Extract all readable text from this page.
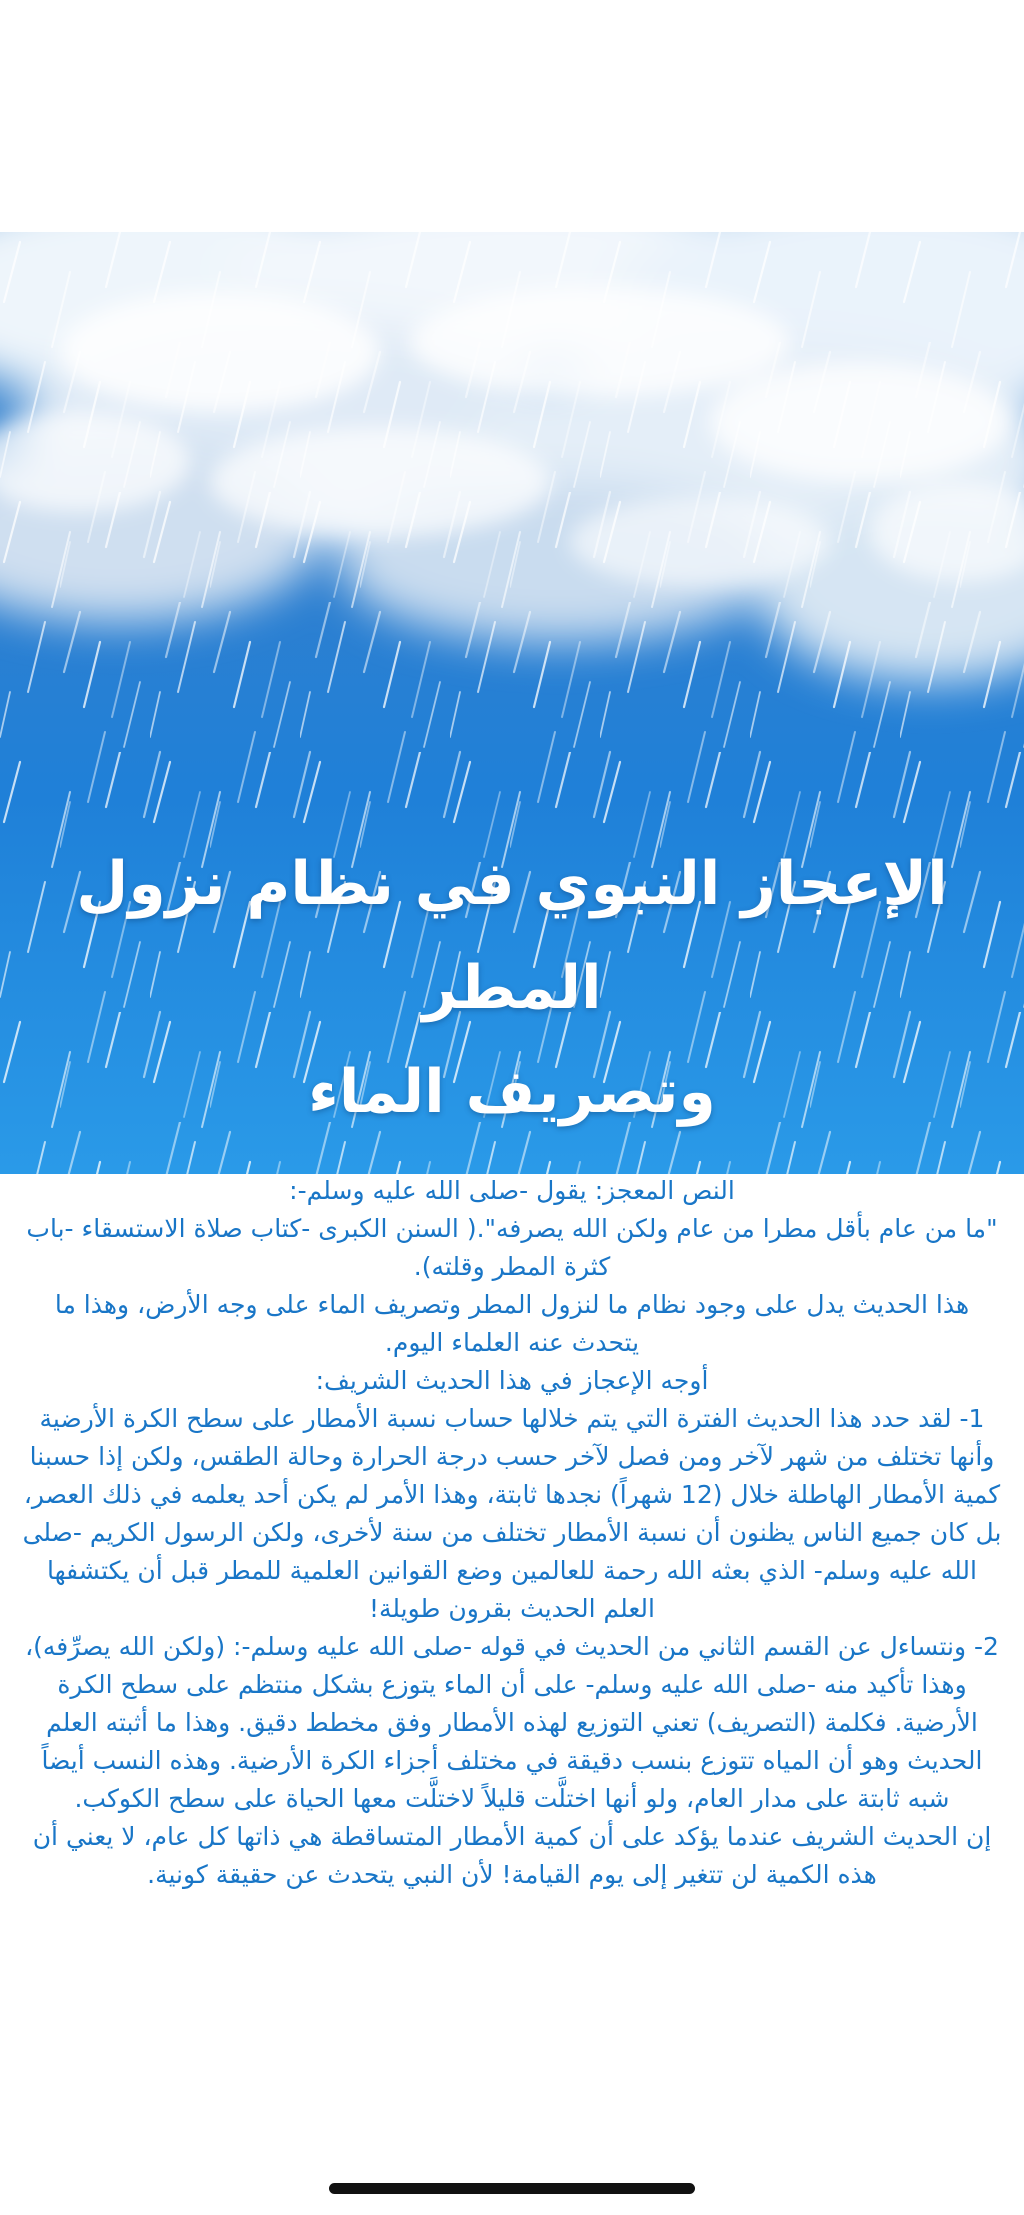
الإعجاز النبوي في نظام نزول المطر
وتصريف الماء

النص المعجز: يقول -صلى الله عليه وسلم-:

"ما من عام بأقل مطرا من عام ولكن الله يصرفه".( السنن الكبرى -كتاب صلاة الاستسقاء -باب كثرة المطر وقلته).

هذا الحديث يدل على وجود نظام ما لنزول المطر وتصريف الماء على وجه الأرض، وهذا ما يتحدث عنه العلماء اليوم.

أوجه الإعجاز في هذا الحديث الشريف:

1- لقد حدد هذا الحديث الفترة التي يتم خلالها حساب نسبة الأمطار على سطح الكرة الأرضية وأنها تختلف من شهر لآخر ومن فصل لآخر حسب درجة الحرارة وحالة الطقس، ولكن إذا حسبنا كمية الأمطار الهاطلة خلال (12 شهراً) نجدها ثابتة، وهذا الأمر لم يكن أحد يعلمه في ذلك العصر، بل كان جميع الناس يظنون أن نسبة الأمطار تختلف من سنة لأخرى، ولكن الرسول الكريم -صلى الله عليه وسلم- الذي بعثه الله رحمة للعالمين وضع القوانين العلمية للمطر قبل أن يكتشفها العلم الحديث بقرون طويلة!

2- ونتساءل عن القسم الثاني من الحديث في قوله -صلى الله عليه وسلم-: (ولكن الله يصرِّفه)، وهذا تأكيد منه -صلى الله عليه وسلم- على أن الماء يتوزع بشكل منتظم على سطح الكرة الأرضية. فكلمة (التصريف) تعني التوزيع لهذه الأمطار وفق مخطط دقيق. وهذا ما أثبته العلم الحديث وهو أن المياه تتوزع بنسب دقيقة في مختلف أجزاء الكرة الأرضية. وهذه النسب أيضاً شبه ثابتة على مدار العام، ولو أنها اختلَّت قليلاً لاختلَّت معها الحياة على سطح الكوكب.

إن الحديث الشريف عندما يؤكد على أن كمية الأمطار المتساقطة هي ذاتها كل عام، لا يعني أن هذه الكمية لن تتغير إلى يوم القيامة! لأن النبي يتحدث عن حقيقة كونية.
